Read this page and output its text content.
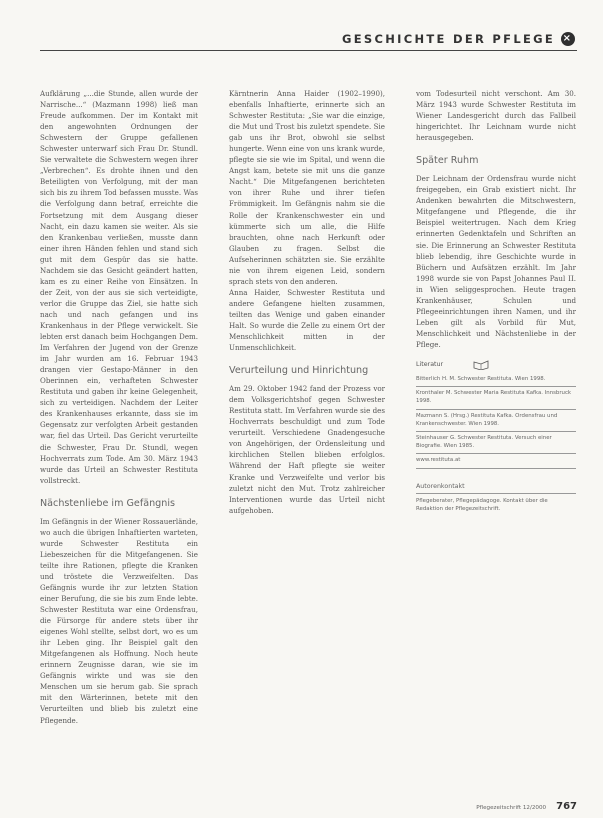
GESCHICHTE DER PFLEGE ×

Aufklärung „...die Stunde, allen wurde der Narrische...“ (Mazmann 1998) ließ man Freude aufkommen. Der im Kontakt mit den angewohnten Ordnungen der Schwestern der Gruppe gefallenen Schwester unterwarf sich Frau Dr. Stundl. Sie verwaltete die Schwestern wegen ihrer „Verbrechen“. Es drohte ihnen und den Beteiligten von Verfolgung, mit der man sich bis zu ihrem Tod befassen musste. Was die Verfolgung dann betraf, erreichte die Fortsetzung mit dem Ausgang dieser Nacht, ein dazu kamen sie weiter. Als sie den Krankenbau verließen, musste dann einer ihren Händen fehlen und stand sich gut mit dem Gespür das sie hatte. Nachdem sie das Gesicht geändert hatten, kam es zu einer Reihe von Einsätzen. In der Zeit, von der aus sie sich verteidigte, verlor die Gruppe das Ziel, sie hatte sich nach und nach gefangen und ins Krankenhaus in der Pflege verwickelt. Sie lebten erst danach beim Hochgangen Dem. Im Verfahren der Jugend von der Grenze im Jahr wurden am 16. Februar 1943 drangen vier Gestapo-Männer in den Oberinnen ein, verhafteten Schwester Restituta und gaben ihr keine Gelegenheit, sich zu verteidigen. Nachdem der Leiter des Krankenhauses erkannte, dass sie im Gegensatz zur verfolgten Arbeit gestanden war, fiel das Urteil. Das Gericht verurteilte die Schwester, Frau Dr. Stundl, wegen Hochverrats zum Tode. Am 30. März 1943 wurde das Urteil an Schwester Restituta vollstreckt.

Nächstenliebe im Gefängnis

Im Gefängnis in der Wiener Rossauerlände, wo auch die übrigen Inhaftierten warteten, wurde Schwester Restituta ein Liebeszeichen für die Mitgefangenen. Sie teilte ihre Rationen, pflegte die Kranken und tröstete die Verzweifelten. Das Gefängnis wurde ihr zur letzten Station einer Berufung, die sie bis zum Ende lebte. Schwester Restituta war eine Ordensfrau, die Fürsorge für andere stets über ihr eigenes Wohl stellte, selbst dort, wo es um ihr Leben ging. Ihr Beispiel galt den Mitgefangenen als Hoffnung. Noch heute erinnern Zeugnisse daran, wie sie im Gefängnis wirkte und was sie den Menschen um sie herum gab. Sie sprach mit den Wärterinnen, betete mit den Verurteilten und blieb bis zuletzt eine Pflegende.

Kärntnerin Anna Haider (1902–1990), ebenfalls Inhaftierte, erinnerte sich an Schwester Restituta: „Sie war die einzige, die Mut und Trost bis zuletzt spendete. Sie gab uns ihr Brot, obwohl sie selbst hungerte. Wenn eine von uns krank wurde, pflegte sie sie wie im Spital, und wenn die Angst kam, betete sie mit uns die ganze Nacht.“ Die Mitgefangenen berichteten von ihrer Ruhe und ihrer tiefen Frömmigkeit. Im Gefängnis nahm sie die Rolle der Krankenschwester ein und kümmerte sich um alle, die Hilfe brauchten, ohne nach Herkunft oder Glauben zu fragen. Selbst die Aufseherinnen schätzten sie. Sie erzählte nie von ihrem eigenen Leid, sondern sprach stets von den anderen.

Anna Haider, Schwester Restituta und andere Gefangene hielten zusammen, teilten das Wenige und gaben einander Halt. So wurde die Zelle zu einem Ort der Menschlichkeit mitten in der Unmenschlichkeit.

Verurteilung und Hinrichtung

Am 29. Oktober 1942 fand der Prozess vor dem Volksgerichtshof gegen Schwester Restituta statt. Im Verfahren wurde sie des Hochverrats beschuldigt und zum Tode verurteilt. Verschiedene Gnadengesuche von Angehörigen, der Ordensleitung und kirchlichen Stellen blieben erfolglos. Während der Haft pflegte sie weiter Kranke und Verzweifelte und verlor bis zuletzt nicht den Mut. Trotz zahlreicher Interventionen wurde das Urteil nicht aufgehoben.

vom Todesurteil nicht verschont. Am 30. März 1943 wurde Schwester Restituta im Wiener Landesgericht durch das Fallbeil hingerichtet. Ihr Leichnam wurde nicht herausgegeben.

Später Ruhm

Der Leichnam der Ordensfrau wurde nicht freigegeben, ein Grab existiert nicht. Ihr Andenken bewahrten die Mitschwestern, Mitgefangene und Pflegende, die ihr Beispiel weitertrugen. Nach dem Krieg erinnerten Gedenktafeln und Schriften an sie. Die Erinnerung an Schwester Restituta blieb lebendig, ihre Geschichte wurde in Büchern und Aufsätzen erzählt. Im Jahr 1998 wurde sie von Papst Johannes Paul II. in Wien seliggesprochen. Heute tragen Krankenhäuser, Schulen und Pflegeeinrichtungen ihren Namen, und ihr Leben gilt als Vorbild für Mut, Menschlichkeit und Nächstenliebe in der Pflege.

Literatur
Bitterlich H. M. Schwester Restituta. Wien 1998.
Kronthaler M. Schwester Maria Restituta Kafka. Innsbruck 1998.
Mazmann S. (Hrsg.) Restituta Kafka. Ordensfrau und Krankenschwester. Wien 1998.
Steinhauser G. Schwester Restituta. Versuch einer Biografie. Wien 1985.
www.restituta.at
Autorenkontakt
Pflegeberater, Pflegepädagoge. Kontakt über die Redaktion der Pflegezeitschrift.
Pflegezeitschrift 12/2000 767
